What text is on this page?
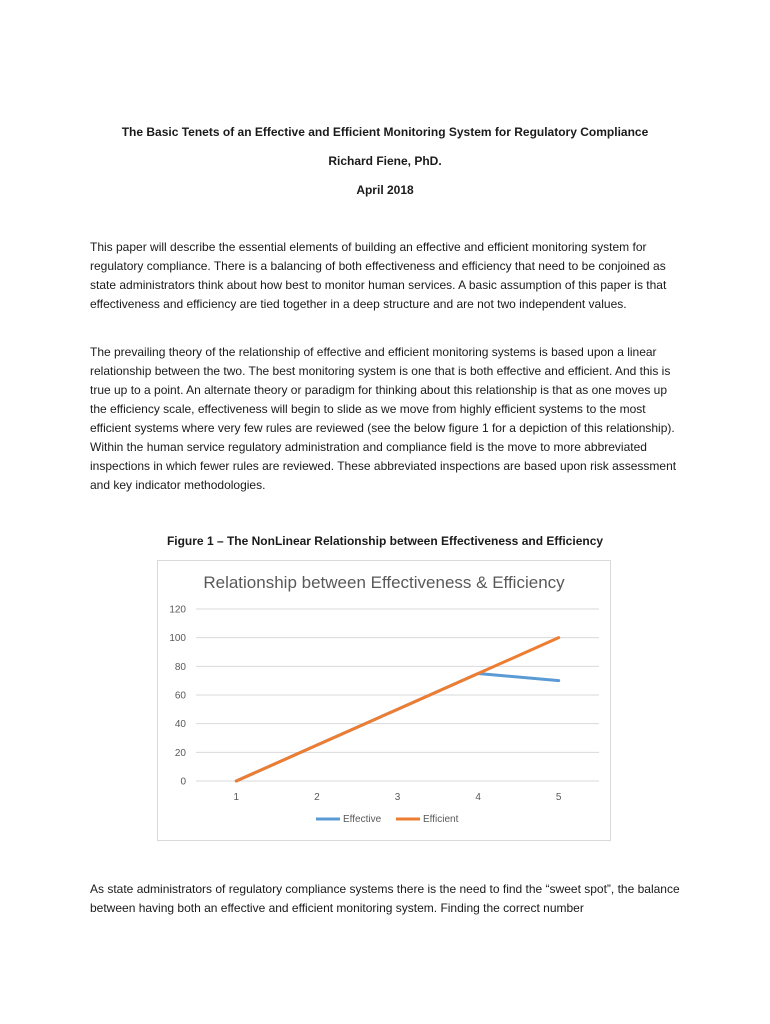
The Basic Tenets of an Effective and Efficient Monitoring System for Regulatory Compliance
Richard Fiene, PhD.
April 2018
This paper will describe the essential elements of building an effective and efficient monitoring system for regulatory compliance. There is a balancing of both effectiveness and efficiency that need to be conjoined as state administrators think about how best to monitor human services. A basic assumption of this paper is that effectiveness and efficiency are tied together in a deep structure and are not two independent values.
The prevailing theory of the relationship of effective and efficient monitoring systems is based upon a linear relationship between the two. The best monitoring system is one that is both effective and efficient. And this is true up to a point. An alternate theory or paradigm for thinking about this relationship is that as one moves up the efficiency scale, effectiveness will begin to slide as we move from highly efficient systems to the most efficient systems where very few rules are reviewed (see the below figure 1 for a depiction of this relationship). Within the human service regulatory administration and compliance field is the move to more abbreviated inspections in which fewer rules are reviewed. These abbreviated inspections are based upon risk assessment and key indicator methodologies.
Figure 1 – The NonLinear Relationship between Effectiveness and Efficiency
Relationship between Effectiveness & Efficiency
0
20
40
60
80
100
120
1	2	3	4	5
Effective	Efficient
As state administrators of regulatory compliance systems there is the need to find the “sweet spot”, the balance between having both an effective and efficient monitoring system. Finding the correct number
